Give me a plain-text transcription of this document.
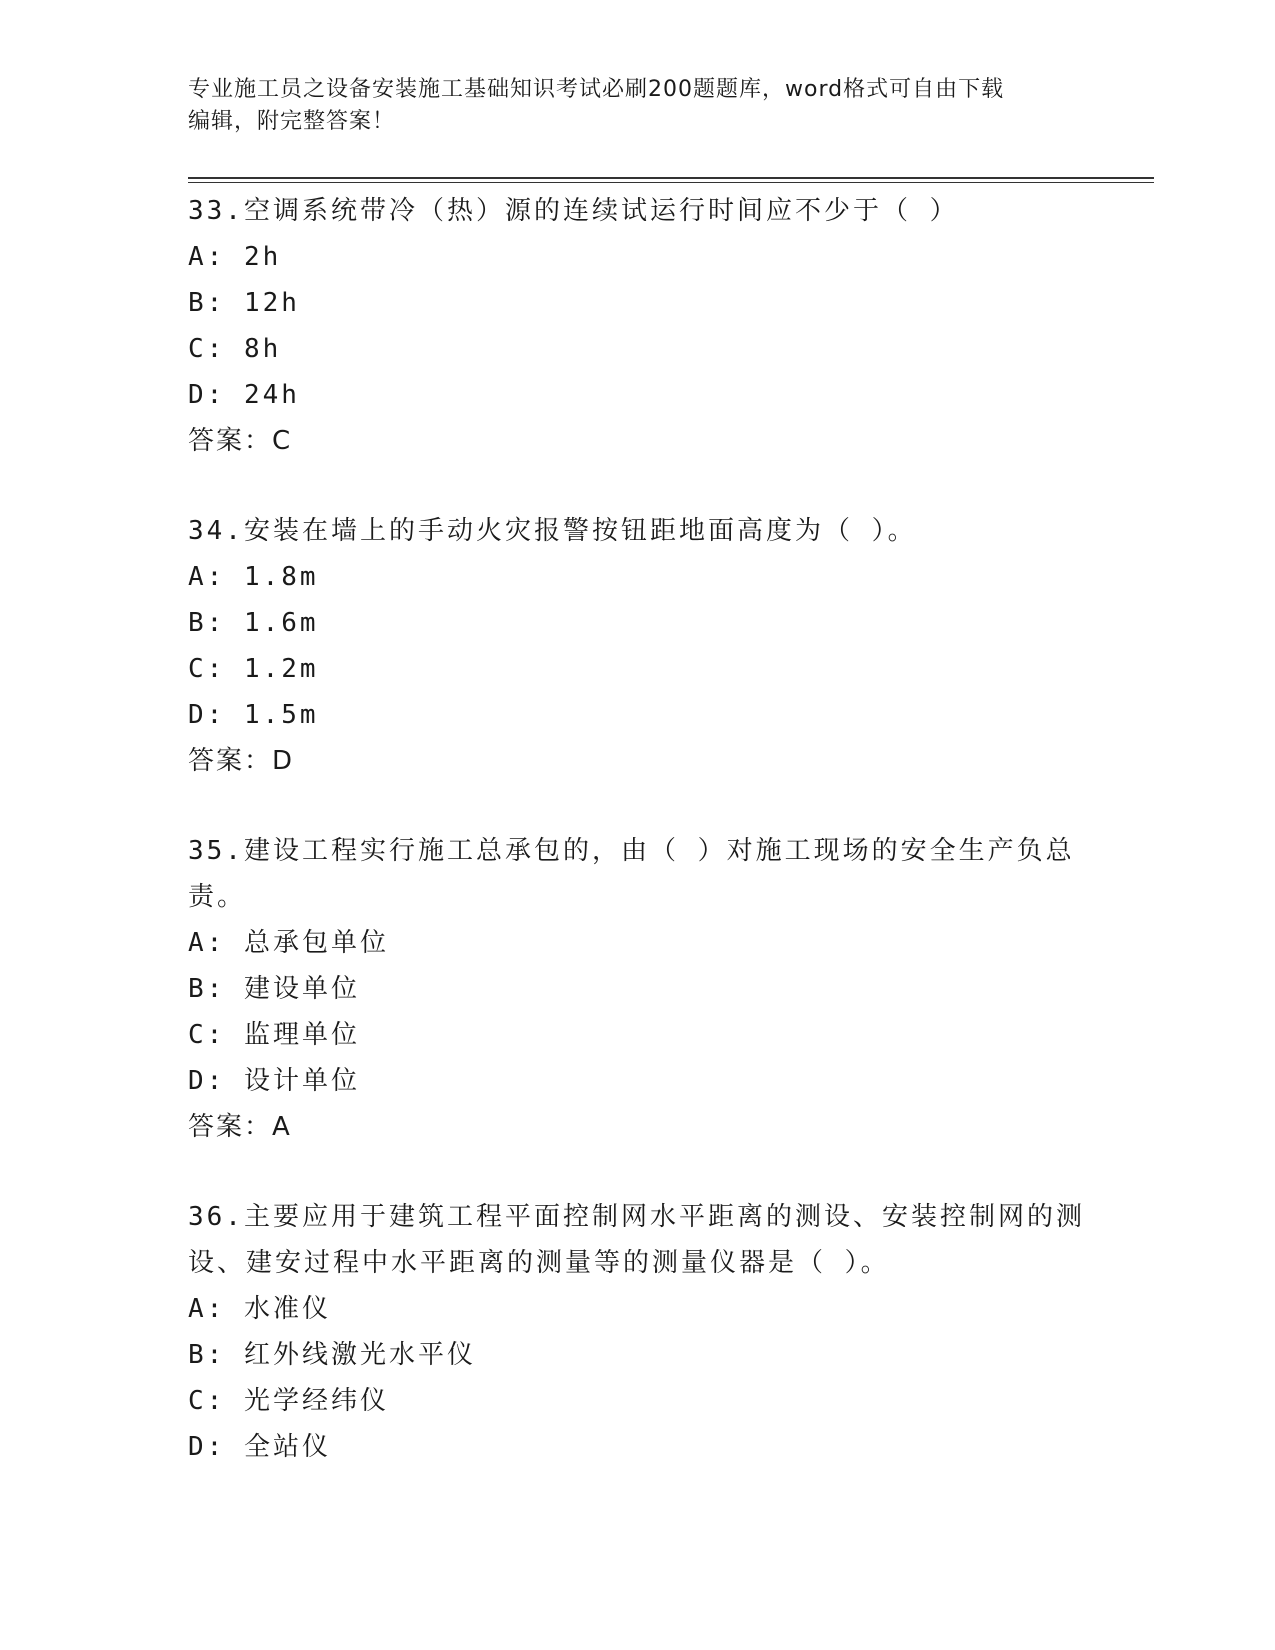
专业施工员之设备安装施工基础知识考试必刷200题题库，word格式可自由下载
编辑，附完整答案！
33.空调系统带冷（热）源的连续试运行时间应不少于（ ）
A: 2h
B: 12h
C: 8h
D: 24h
答案：C
34.安装在墙上的手动火灾报警按钮距地面高度为（ ）。
A: 1.8m
B: 1.6m
C: 1.2m
D: 1.5m
答案：D
35.建设工程实行施工总承包的，由（ ）对施工现场的安全生产负总责。
A: 总承包单位
B: 建设单位
C: 监理单位
D: 设计单位
答案：A
36.主要应用于建筑工程平面控制网水平距离的测设、安装控制网的测设、建安过程中水平距离的测量等的测量仪器是（ ）。
A: 水准仪
B: 红外线激光水平仪
C: 光学经纬仪
D: 全站仪
